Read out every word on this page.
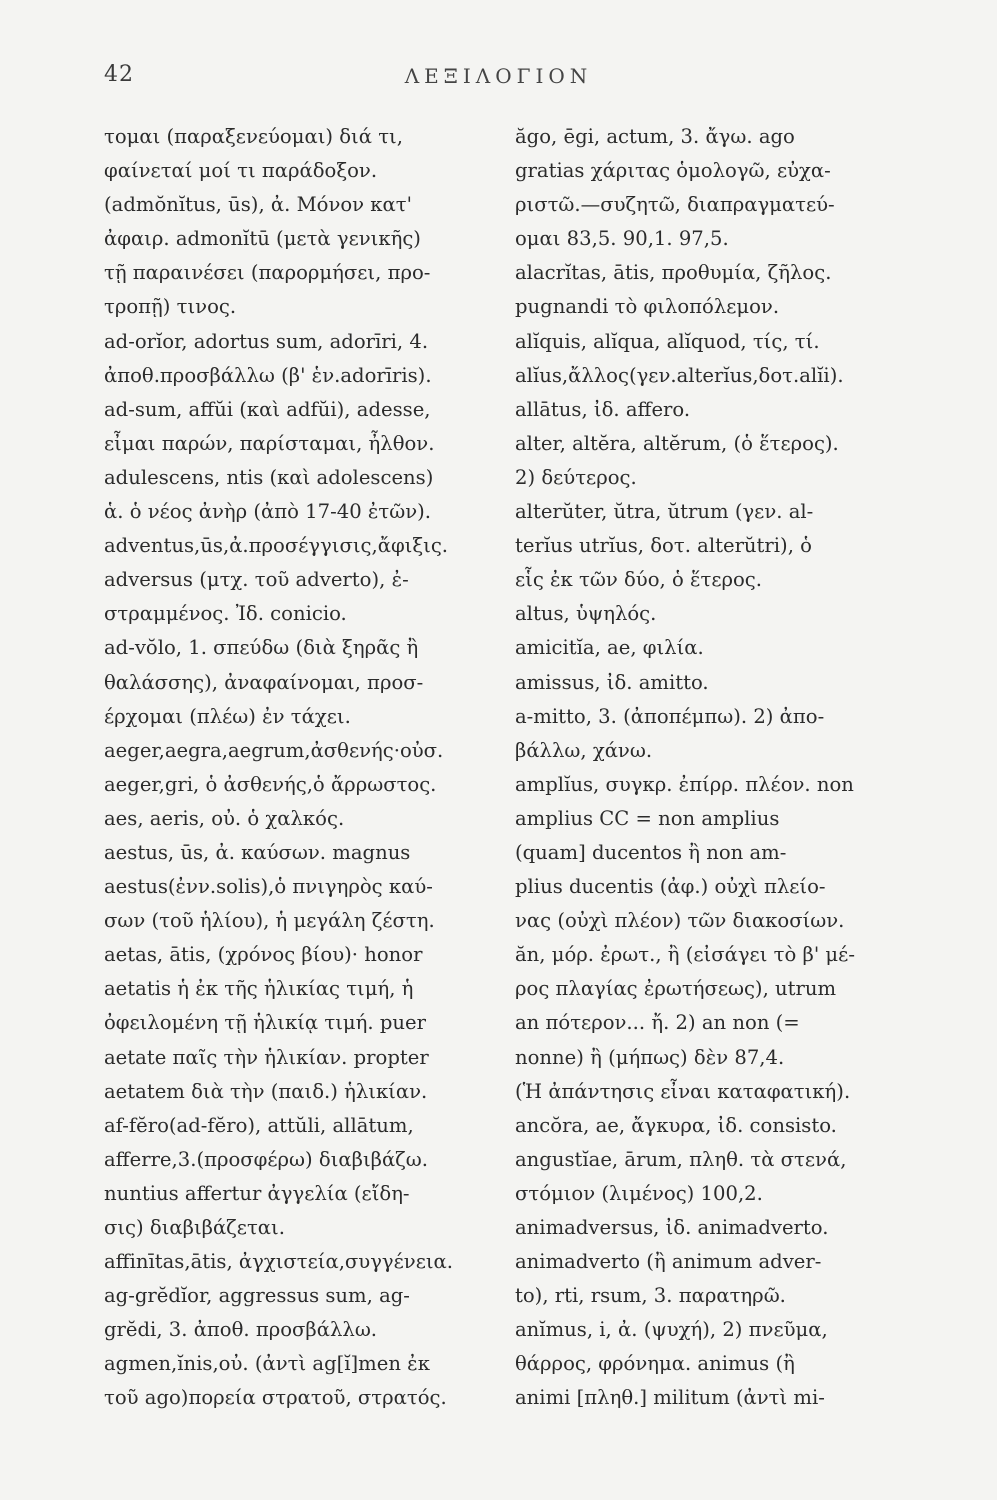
42	ΛΕΞΙΛΟΓΙΟΝ
τομαι (παραξενεύομαι) διά τι,
φαίνεταί μοί τι παράδοξον.
(admŏnĭtus, ūs), ἀ. Μόνον κατ'
ἀφαιρ. admonĭtū (μετὰ γενικῆς)
τῇ παραινέσει (παρορμήσει, προ-
τροπῇ) τινος.
ad-orĭor, adortus sum, adorīri, 4.
ἀποθ.προσβάλλω (β' ἑν.adorīris).
ad-sum, affŭi (καὶ adfŭi), adesse,
εἶμαι παρών, παρίσταμαι, ἦλθον.
adulescens, ntis (καὶ adolescens)
ἁ. ὁ νέος ἀνὴρ (ἀπὸ 17-40 ἐτῶν).
adventus,ūs,ἀ.προσέγγισις,ἄφιξις.
adversus (μτχ. τοῦ adverto), ἐ-
στραμμένος. Ἰδ. conicio.
ad-vŏlo, 1. σπεύδω (διὰ ξηρᾶς ἢ
θαλάσσης), ἀναφαίνομαι, προσ-
έρχομαι (πλέω) ἐν τάχει.
aeger,aegra,aegrum,ἀσθενής·οὐσ.
aeger,gri, ὁ ἀσθενής,ὁ ἄρρωστος.
aes, aeris, οὐ. ὁ χαλκός.
aestus, ūs, ἀ. καύσων. magnus
aestus(ἐνν.solis),ὁ πνιγηρὸς καύ-
σων (τοῦ ἡλίου), ἡ μεγάλη ζέστη.
aetas, ātis, (χρόνος βίου)· honor
aetatis ἡ ἐκ τῆς ἡλικίας τιμή, ἡ
ὀφειλομένη τῇ ἡλικίᾳ τιμή. puer
aetate παῖς τὴν ἡλικίαν. propter
aetatem διὰ τὴν (παιδ.) ἡλικίαν.
af-fĕro(ad-fĕro), attŭli, allātum,
afferre,3.(προσφέρω) διαβιβάζω.
nuntius affertur ἀγγελία (εἴδη-
σις) διαβιβάζεται.
affinītas,ātis, ἀγχιστεία,συγγένεια.
ag-grĕdĭor, aggressus sum, ag-
grĕdi, 3. ἀποθ. προσβάλλω.
agmen,ĭnis,οὐ. (ἀντὶ ag[ĭ]men ἐκ
τοῦ ago)πορεία στρατοῦ, στρατός.
ăgo, ēgi, actum, 3. ἄγω. ago
gratias χάριτας ὁμολογῶ, εὐχα-
ριστῶ.—συζητῶ, διαπραγματεύ-
ομαι 83,5. 90,1. 97,5.
alacrĭtas, ātis, προθυμία, ζῆλος.
pugnandi τὸ φιλοπόλεμον.
alĭquis, alĭqua, alĭquod, τίς, τί.
alĭus,ἄλλος(γεν.alterĭus,δοτ.alĭi).
allātus, ἰδ. affero.
alter, altĕra, altĕrum, (ὁ ἕτερος).
2) δεύτερος.
alterŭter, ŭtra, ŭtrum (γεν. al-
terĭus utrĭus, δοτ. alterŭtri), ὁ
εἷς ἐκ τῶν δύο, ὁ ἕτερος.
altus, ὑψηλός.
amicitĭa, ae, φιλία.
amissus, ἰδ. amitto.
a-mitto, 3. (ἀποπέμπω). 2) ἀπο-
βάλλω, χάνω.
amplĭus, συγκρ. ἐπίρρ. πλέον. non
amplius CC = non amplius
(quam] ducentos ἢ non am-
plius ducentis (ἀφ.) οὐχὶ πλείο-
νας (οὐχὶ πλέον) τῶν διακοσίων.
ăn, μόρ. ἐρωτ., ἢ (εἰσάγει τὸ β' μέ-
ρος πλαγίας ἐρωτήσεως), utrum
an πότερον... ἤ. 2) an non (=
nonne) ἢ (μήπως) δὲν 87,4.
(Ἡ ἀπάντησις εἶναι καταφατική).
ancŏra, ae, ἄγκυρα, ἰδ. consisto.
angustĭae, ārum, πληθ. τὰ στενά,
στόμιον (λιμένος) 100,2.
animadversus, ἰδ. animadverto.
animadverto (ἢ animum adver-
to), rti, rsum, 3. παρατηρῶ.
anĭmus, i, ἀ. (ψυχή), 2) πνεῦμα,
θάρρος, φρόνημα. animus (ἢ
animi [πληθ.] militum (ἀντὶ mi-
